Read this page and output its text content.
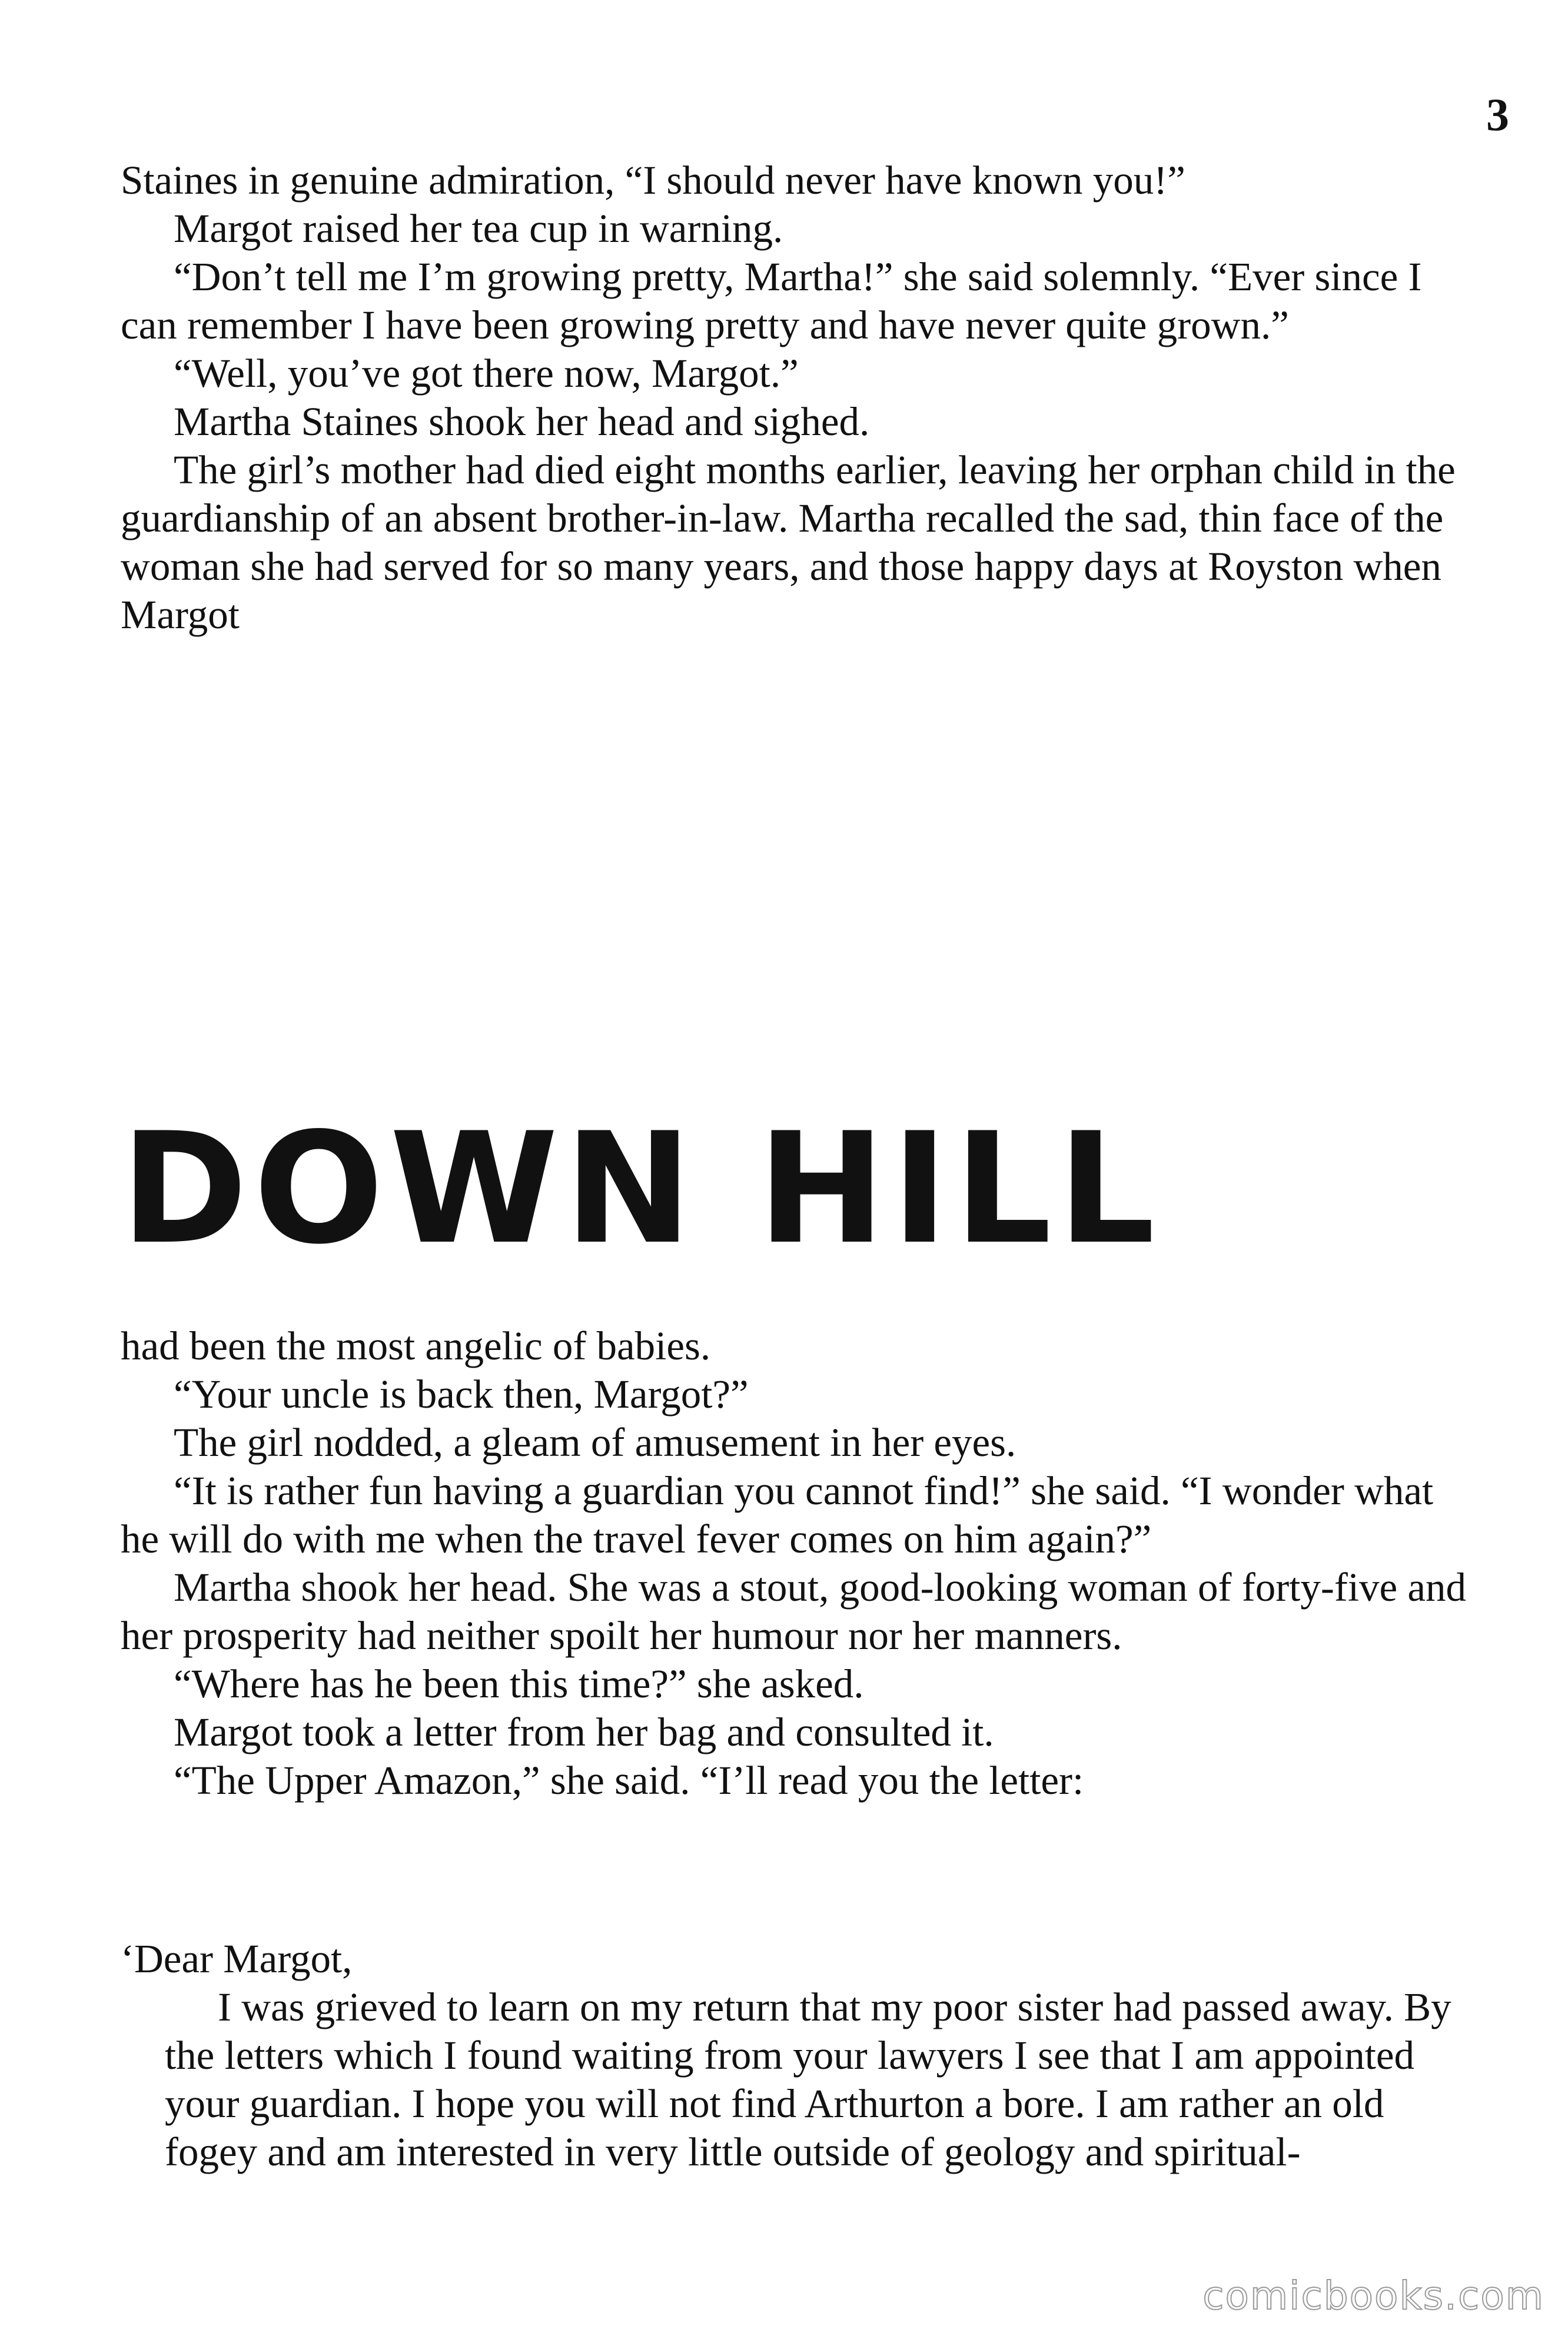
3

Staines in genuine admiration, “I should never have known you!”

Margot raised her tea cup in warning.

“Don’t tell me I’m growing pretty, Martha!” she said solemnly. “Ever since I can remember I have been growing pretty and have never quite grown.”

“Well, you’ve got there now, Margot.”

Martha Staines shook her head and sighed.

The girl’s mother had died eight months earlier, leaving her orphan child in the guardianship of an absent brother-in-law. Martha recalled the sad, thin face of the woman she had served for so many years, and those happy days at Royston when Margot

DOWN HILL

had been the most angelic of babies.

“Your uncle is back then, Margot?”

The girl nodded, a gleam of amusement in her eyes.

“It is rather fun having a guardian you cannot find!” she said. “I wonder what he will do with me when the travel fever comes on him again?”

Martha shook her head. She was a stout, good-looking woman of forty-five and her prosperity had neither spoilt her humour nor her manners.

“Where has he been this time?” she asked.

Margot took a letter from her bag and consulted it.

“The Upper Amazon,” she said. “I’ll read you the letter:

‘Dear Margot,

I was grieved to learn on my return that my poor sister had passed away. By the letters which I found waiting from your lawyers I see that I am appointed your guardian. I hope you will not find Arthurton a bore. I am rather an old fogey and am interested in very little outside of geology and spiritual-

comicbooks.com
